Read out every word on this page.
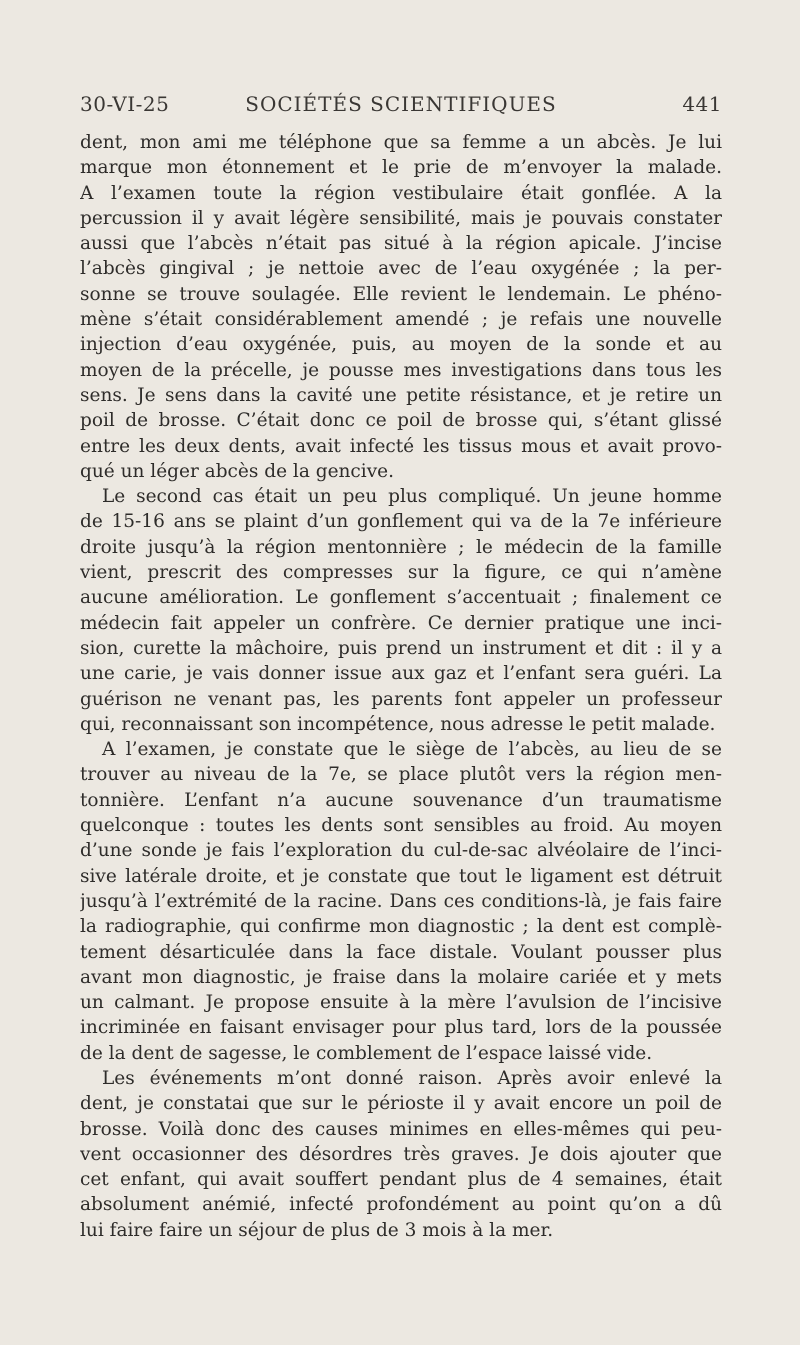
30-VI-25	SOCIÉTÉS SCIENTIFIQUES	441
dent, mon ami me téléphone que sa femme a un abcès. Je lui
marque mon étonnement et le prie de m’envoyer la malade.
A l’examen toute la région vestibulaire était gonflée. A la
percussion il y avait légère sensibilité, mais je pouvais constater
aussi que l’abcès n’était pas situé à la région apicale. J’incise
l’abcès gingival ; je nettoie avec de l’eau oxygénée ; la per-
sonne se trouve soulagée. Elle revient le lendemain. Le phéno-
mène s’était considérablement amendé ; je refais une nouvelle
injection d’eau oxygénée, puis, au moyen de la sonde et au
moyen de la précelle, je pousse mes investigations dans tous les
sens. Je sens dans la cavité une petite résistance, et je retire un
poil de brosse. C’était donc ce poil de brosse qui, s’étant glissé
entre les deux dents, avait infecté les tissus mous et avait provo-
qué un léger abcès de la gencive.
Le second cas était un peu plus compliqué. Un jeune homme
de 15-16 ans se plaint d’un gonflement qui va de la 7e inférieure
droite jusqu’à la région mentonnière ; le médecin de la famille
vient, prescrit des compresses sur la figure, ce qui n’amène
aucune amélioration. Le gonflement s’accentuait ; finalement ce
médecin fait appeler un confrère. Ce dernier pratique une inci-
sion, curette la mâchoire, puis prend un instrument et dit : il y a
une carie, je vais donner issue aux gaz et l’enfant sera guéri. La
guérison ne venant pas, les parents font appeler un professeur
qui, reconnaissant son incompétence, nous adresse le petit malade.
A l’examen, je constate que le siège de l’abcès, au lieu de se
trouver au niveau de la 7e, se place plutôt vers la région men-
tonnière. L’enfant n’a aucune souvenance d’un traumatisme
quelconque : toutes les dents sont sensibles au froid. Au moyen
d’une sonde je fais l’exploration du cul-de-sac alvéolaire de l’inci-
sive latérale droite, et je constate que tout le ligament est détruit
jusqu’à l’extrémité de la racine. Dans ces conditions-là, je fais faire
la radiographie, qui confirme mon diagnostic ; la dent est complè-
tement désarticulée dans la face distale. Voulant pousser plus
avant mon diagnostic, je fraise dans la molaire cariée et y mets
un calmant. Je propose ensuite à la mère l’avulsion de l’incisive
incriminée en faisant envisager pour plus tard, lors de la poussée
de la dent de sagesse, le comblement de l’espace laissé vide.
Les événements m’ont donné raison. Après avoir enlevé la
dent, je constatai que sur le périoste il y avait encore un poil de
brosse. Voilà donc des causes minimes en elles-mêmes qui peu-
vent occasionner des désordres très graves. Je dois ajouter que
cet enfant, qui avait souffert pendant plus de 4 semaines, était
absolument anémié, infecté profondément au point qu’on a dû
lui faire faire un séjour de plus de 3 mois à la mer.
